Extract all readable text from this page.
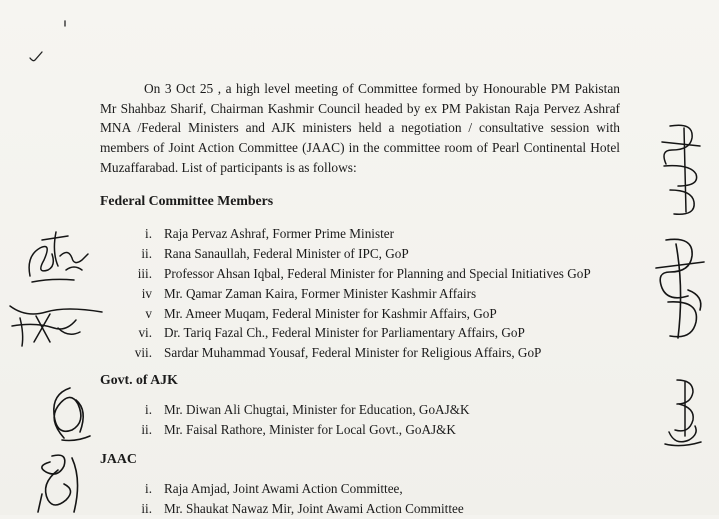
On 3 Oct 25 , a high level meeting of Committee formed by Honourable PM Pakistan Mr Shahbaz Sharif, Chairman Kashmir Council headed by ex PM Pakistan Raja Pervez Ashraf MNA /Federal Ministers and AJK ministers held a negotiation / consultative session with members of Joint Action Committee (JAAC) in the committee room of Pearl Continental Hotel Muzaffarabad. List of participants is as follows:

Federal Committee Members

i. Raja Pervaz Ashraf, Former Prime Minister
ii. Rana Sanaullah, Federal Minister of IPC, GoP
iii. Professor Ahsan Iqbal, Federal Minister for Planning and Special Initiatives GoP
iv Mr. Qamar Zaman Kaira, Former Minister Kashmir Affairs
v Mr. Ameer Muqam, Federal Minister for Kashmir Affairs, GoP
vi. Dr. Tariq Fazal Ch., Federal Minister for Parliamentary Affairs, GoP
vii. Sardar Muhammad Yousaf, Federal Minister for Religious Affairs, GoP

Govt. of AJK

i. Mr. Diwan Ali Chugtai, Minister for Education, GoAJ&K
ii. Mr. Faisal Rathore, Minister for Local Govt., GoAJ&K

JAAC

i. Raja Amjad, Joint Awami Action Committee,
ii. Mr. Shaukat Nawaz Mir, Joint Awami Action Committee
